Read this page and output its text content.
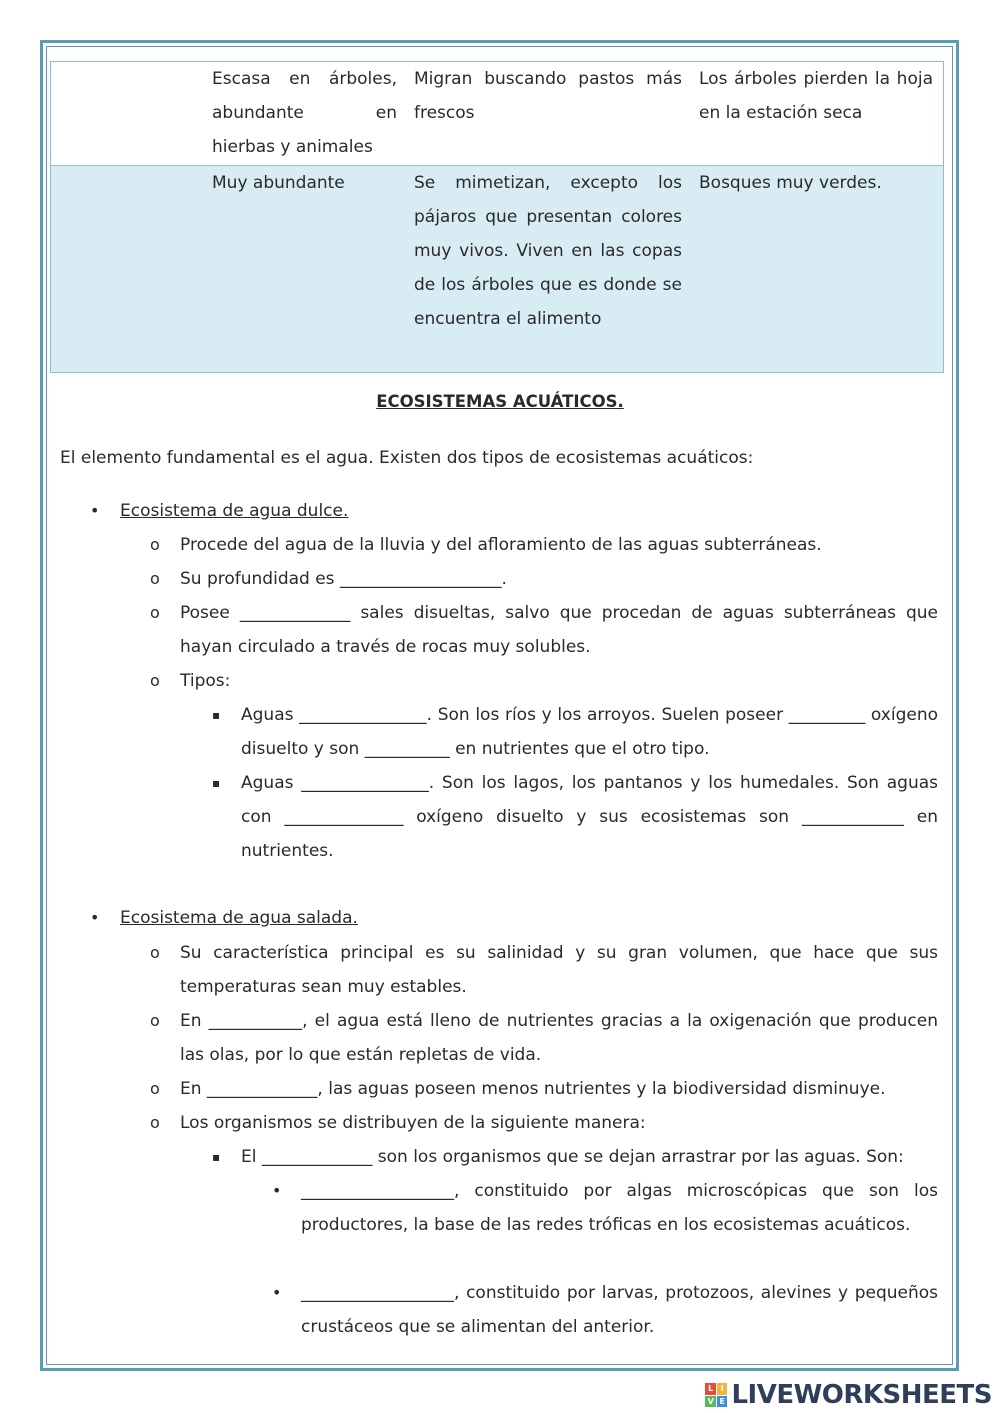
Escasa en árboles, abundante en hierbas y animales
Migran buscando pastos más frescos
Los árboles pierden la hoja en la estación seca
Muy abundante	Se mimetizan, excepto los pájaros que presentan colores muy vivos. Viven en las copas de los árboles que es donde se encuentra el alimento
Bosques muy verdes.
ECOSISTEMAS ACUÁTICOS.
El elemento fundamental es el agua. Existen dos tipos de ecosistemas acuáticos:
• Ecosistema de agua dulce.
o Procede del agua de la lluvia y del afloramiento de las aguas subterráneas.
o Su profundidad es ___________________.
o Posee _____________ sales disueltas, salvo que procedan de aguas subterráneas que hayan circulado a través de rocas muy solubles.
o Tipos:
▪ Aguas _______________. Son los ríos y los arroyos. Suelen poseer _________ oxígeno disuelto y son __________ en nutrientes que el otro tipo.
▪ Aguas _______________. Son los lagos, los pantanos y los humedales. Son aguas con ______________ oxígeno disuelto y sus ecosistemas son ____________ en nutrientes.
• Ecosistema de agua salada.
o Su característica principal es su salinidad y su gran volumen, que hace que sus temperaturas sean muy estables.
o En ___________, el agua está lleno de nutrientes gracias a la oxigenación que producen las olas, por lo que están repletas de vida.
o En _____________, las aguas poseen menos nutrientes y la biodiversidad disminuye.
o Los organismos se distribuyen de la siguiente manera:
▪ El _____________ son los organismos que se dejan arrastrar por las aguas. Son:
• __________________, constituido por algas microscópicas que son los productores, la base de las redes tróficas en los ecosistemas acuáticos.
• __________________, constituido por larvas, protozoos, alevines y pequeños crustáceos que se alimentan del anterior.
L I
V E LIVEWORKSHEETS
